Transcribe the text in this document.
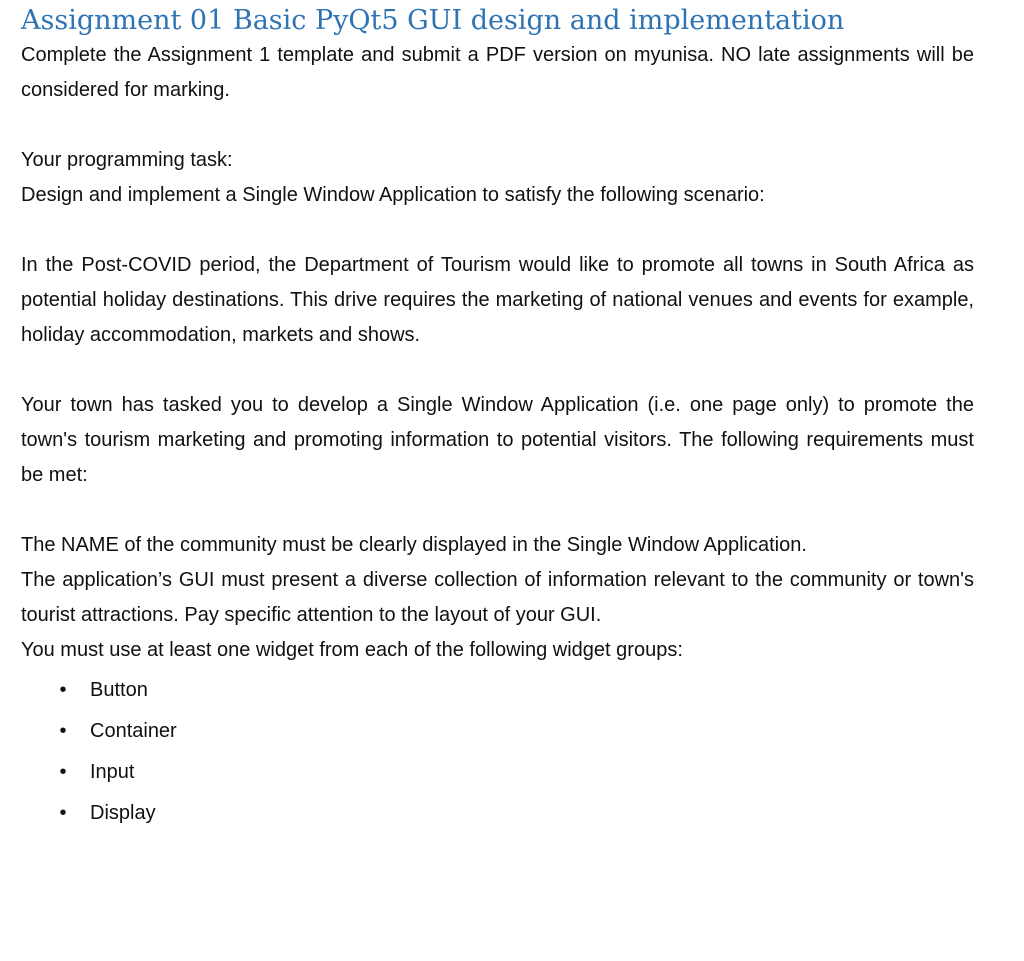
Assignment 01 Basic PyQt5 GUI design and implementation

Complete the Assignment 1 template and submit a PDF version on myunisa. NO late assignments will be considered for marking.

Your programming task:

Design and implement a Single Window Application to satisfy the following scenario:

In the Post-COVID period, the Department of Tourism would like to promote all towns in South Africa as potential holiday destinations. This drive requires the marketing of national venues and events for example, holiday accommodation, markets and shows.

Your town has tasked you to develop a Single Window Application (i.e. one page only) to promote the town's tourism marketing and promoting information to potential visitors. The following requirements must be met:

The NAME of the community must be clearly displayed in the Single Window Application.

The application’s GUI must present a diverse collection of information relevant to the community or town's tourist attractions. Pay specific attention to the layout of your GUI.

You must use at least one widget from each of the following widget groups:

• Button
• Container
• Input
• Display
